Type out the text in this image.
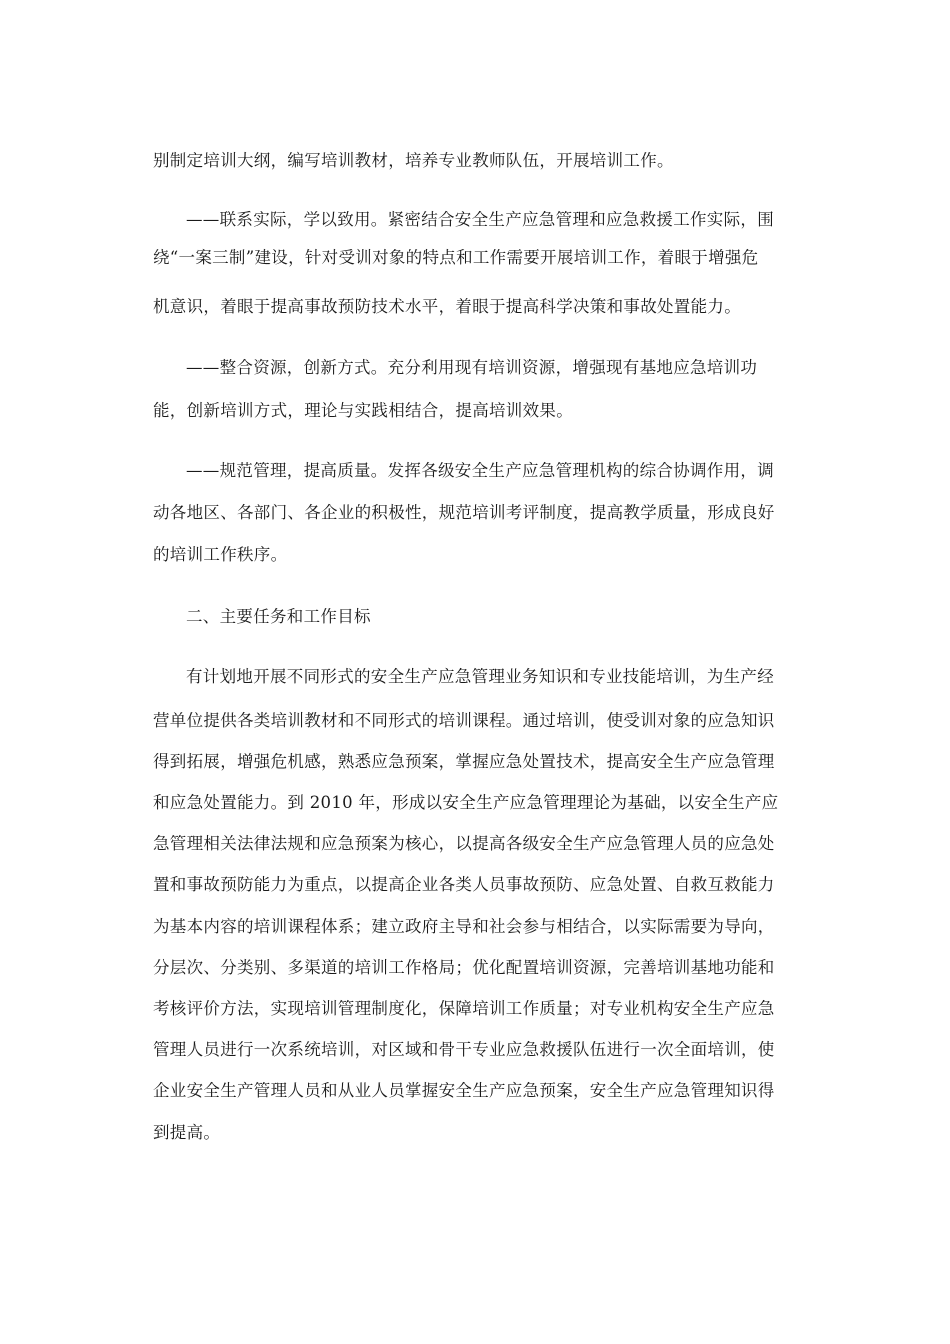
别制定培训大纲，编写培训教材，培养专业教师队伍，开展培训工作。
——联系实际，学以致用。紧密结合安全生产应急管理和应急救援工作实际，围
绕“一案三制”建设，针对受训对象的特点和工作需要开展培训工作，着眼于增强危
机意识，着眼于提高事故预防技术水平，着眼于提高科学决策和事故处置能力。
——整合资源，创新方式。充分利用现有培训资源，增强现有基地应急培训功
能，创新培训方式，理论与实践相结合，提高培训效果。
——规范管理，提高质量。发挥各级安全生产应急管理机构的综合协调作用，调
动各地区、各部门、各企业的积极性，规范培训考评制度，提高教学质量，形成良好
的培训工作秩序。
二、主要任务和工作目标
有计划地开展不同形式的安全生产应急管理业务知识和专业技能培训，为生产经
营单位提供各类培训教材和不同形式的培训课程。通过培训，使受训对象的应急知识
得到拓展，增强危机感，熟悉应急预案，掌握应急处置技术，提高安全生产应急管理
和应急处置能力。到 2010 年，形成以安全生产应急管理理论为基础，以安全生产应
急管理相关法律法规和应急预案为核心，以提高各级安全生产应急管理人员的应急处
置和事故预防能力为重点，以提高企业各类人员事故预防、应急处置、自救互救能力
为基本内容的培训课程体系；建立政府主导和社会参与相结合，以实际需要为导向，
分层次、分类别、多渠道的培训工作格局；优化配置培训资源，完善培训基地功能和
考核评价方法，实现培训管理制度化，保障培训工作质量；对专业机构安全生产应急
管理人员进行一次系统培训，对区域和骨干专业应急救援队伍进行一次全面培训，使
企业安全生产管理人员和从业人员掌握安全生产应急预案，安全生产应急管理知识得
到提高。
